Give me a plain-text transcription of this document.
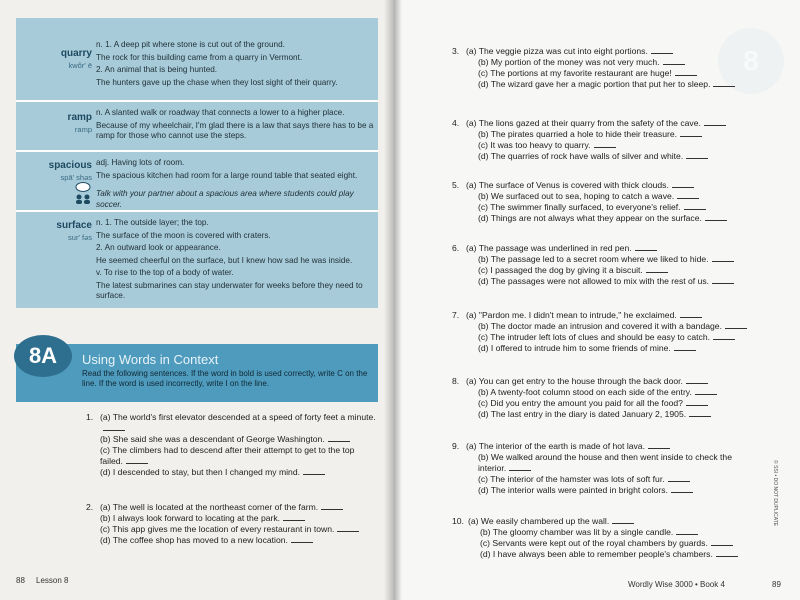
8
quarry
kwôr' ē

n. 1. A deep pit where stone is cut out of the ground.

The rock for this building came from a quarry in Vermont.

2. An animal that is being hunted.

The hunters gave up the chase when they lost sight of their quarry.

ramp
ramp

n. A slanted walk or roadway that connects a lower to a higher place.

Because of my wheelchair, I'm glad there is a law that says there has to be a ramp for those who cannot use the steps.

spacious
spā' shəs

adj. Having lots of room.

The spacious kitchen had room for a large round table that seated eight.

Talk with your partner about a spacious area where students could play soccer.

surface
sur' fəs

n. 1. The outside layer; the top.

The surface of the moon is covered with craters.

2. An outward look or appearance.

He seemed cheerful on the surface, but I knew how sad he was inside.

v. To rise to the top of a body of water.

The latest submarines can stay underwater for weeks before they need to surface.

Using Words in Context
Read the following sentences. If the word in bold is used correctly, write C on the line. If the word is used incorrectly, write I on the line.
8A
1. (a) The world's first elevator descended at a speed of forty feet a minute.
(b) She said she was a descendant of George Washington.
(c) The climbers had to descend after their attempt to get to the top failed.
(d) I descended to stay, but then I changed my mind.
2. (a) The well is located at the northeast corner of the farm.
(b) I always look forward to locating at the park.
(c) This app gives me the location of every restaurant in town.
(d) The coffee shop has moved to a new location.
3. (a) The veggie pizza was cut into eight portions.
(b) My portion of the money was not very much.
(c) The portions at my favorite restaurant are huge!
(d) The wizard gave her a magic portion that put her to sleep.
4. (a) The lions gazed at their quarry from the safety of the cave.
(b) The pirates quarried a hole to hide their treasure.
(c) It was too heavy to quarry.
(d) The quarries of rock have walls of silver and white.
5. (a) The surface of Venus is covered with thick clouds.
(b) We surfaced out to sea, hoping to catch a wave.
(c) The swimmer finally surfaced, to everyone's relief.
(d) Things are not always what they appear on the surface.
6. (a) The passage was underlined in red pen.
(b) The passage led to a secret room where we liked to hide.
(c) I passaged the dog by giving it a biscuit.
(d) The passages were not allowed to mix with the rest of us.
7. (a) "Pardon me. I didn't mean to intrude," he exclaimed.
(b) The doctor made an intrusion and covered it with a bandage.
(c) The intruder left lots of clues and should be easy to catch.
(d) I offered to intrude him to some friends of mine.
8. (a) You can get entry to the house through the back door.
(b) A twenty-foot column stood on each side of the entry.
(c) Did you entry the amount you paid for all the food?
(d) The last entry in the diary is dated January 2, 1905.
9. (a) The interior of the earth is made of hot lava.
(b) We walked around the house and then went inside to check the interior.
(c) The interior of the hamster was lots of soft fur.
(d) The interior walls were painted in bright colors.
10. (a) We easily chambered up the wall.
(b) The gloomy chamber was lit by a single candle.
(c) Servants were kept out of the royal chambers by guards.
(d) I have always been able to remember people's chambers.
88 Lesson 8	Wordly Wise 3000 • Book 4	89
© SSI • DO NOT DUPLICATE
